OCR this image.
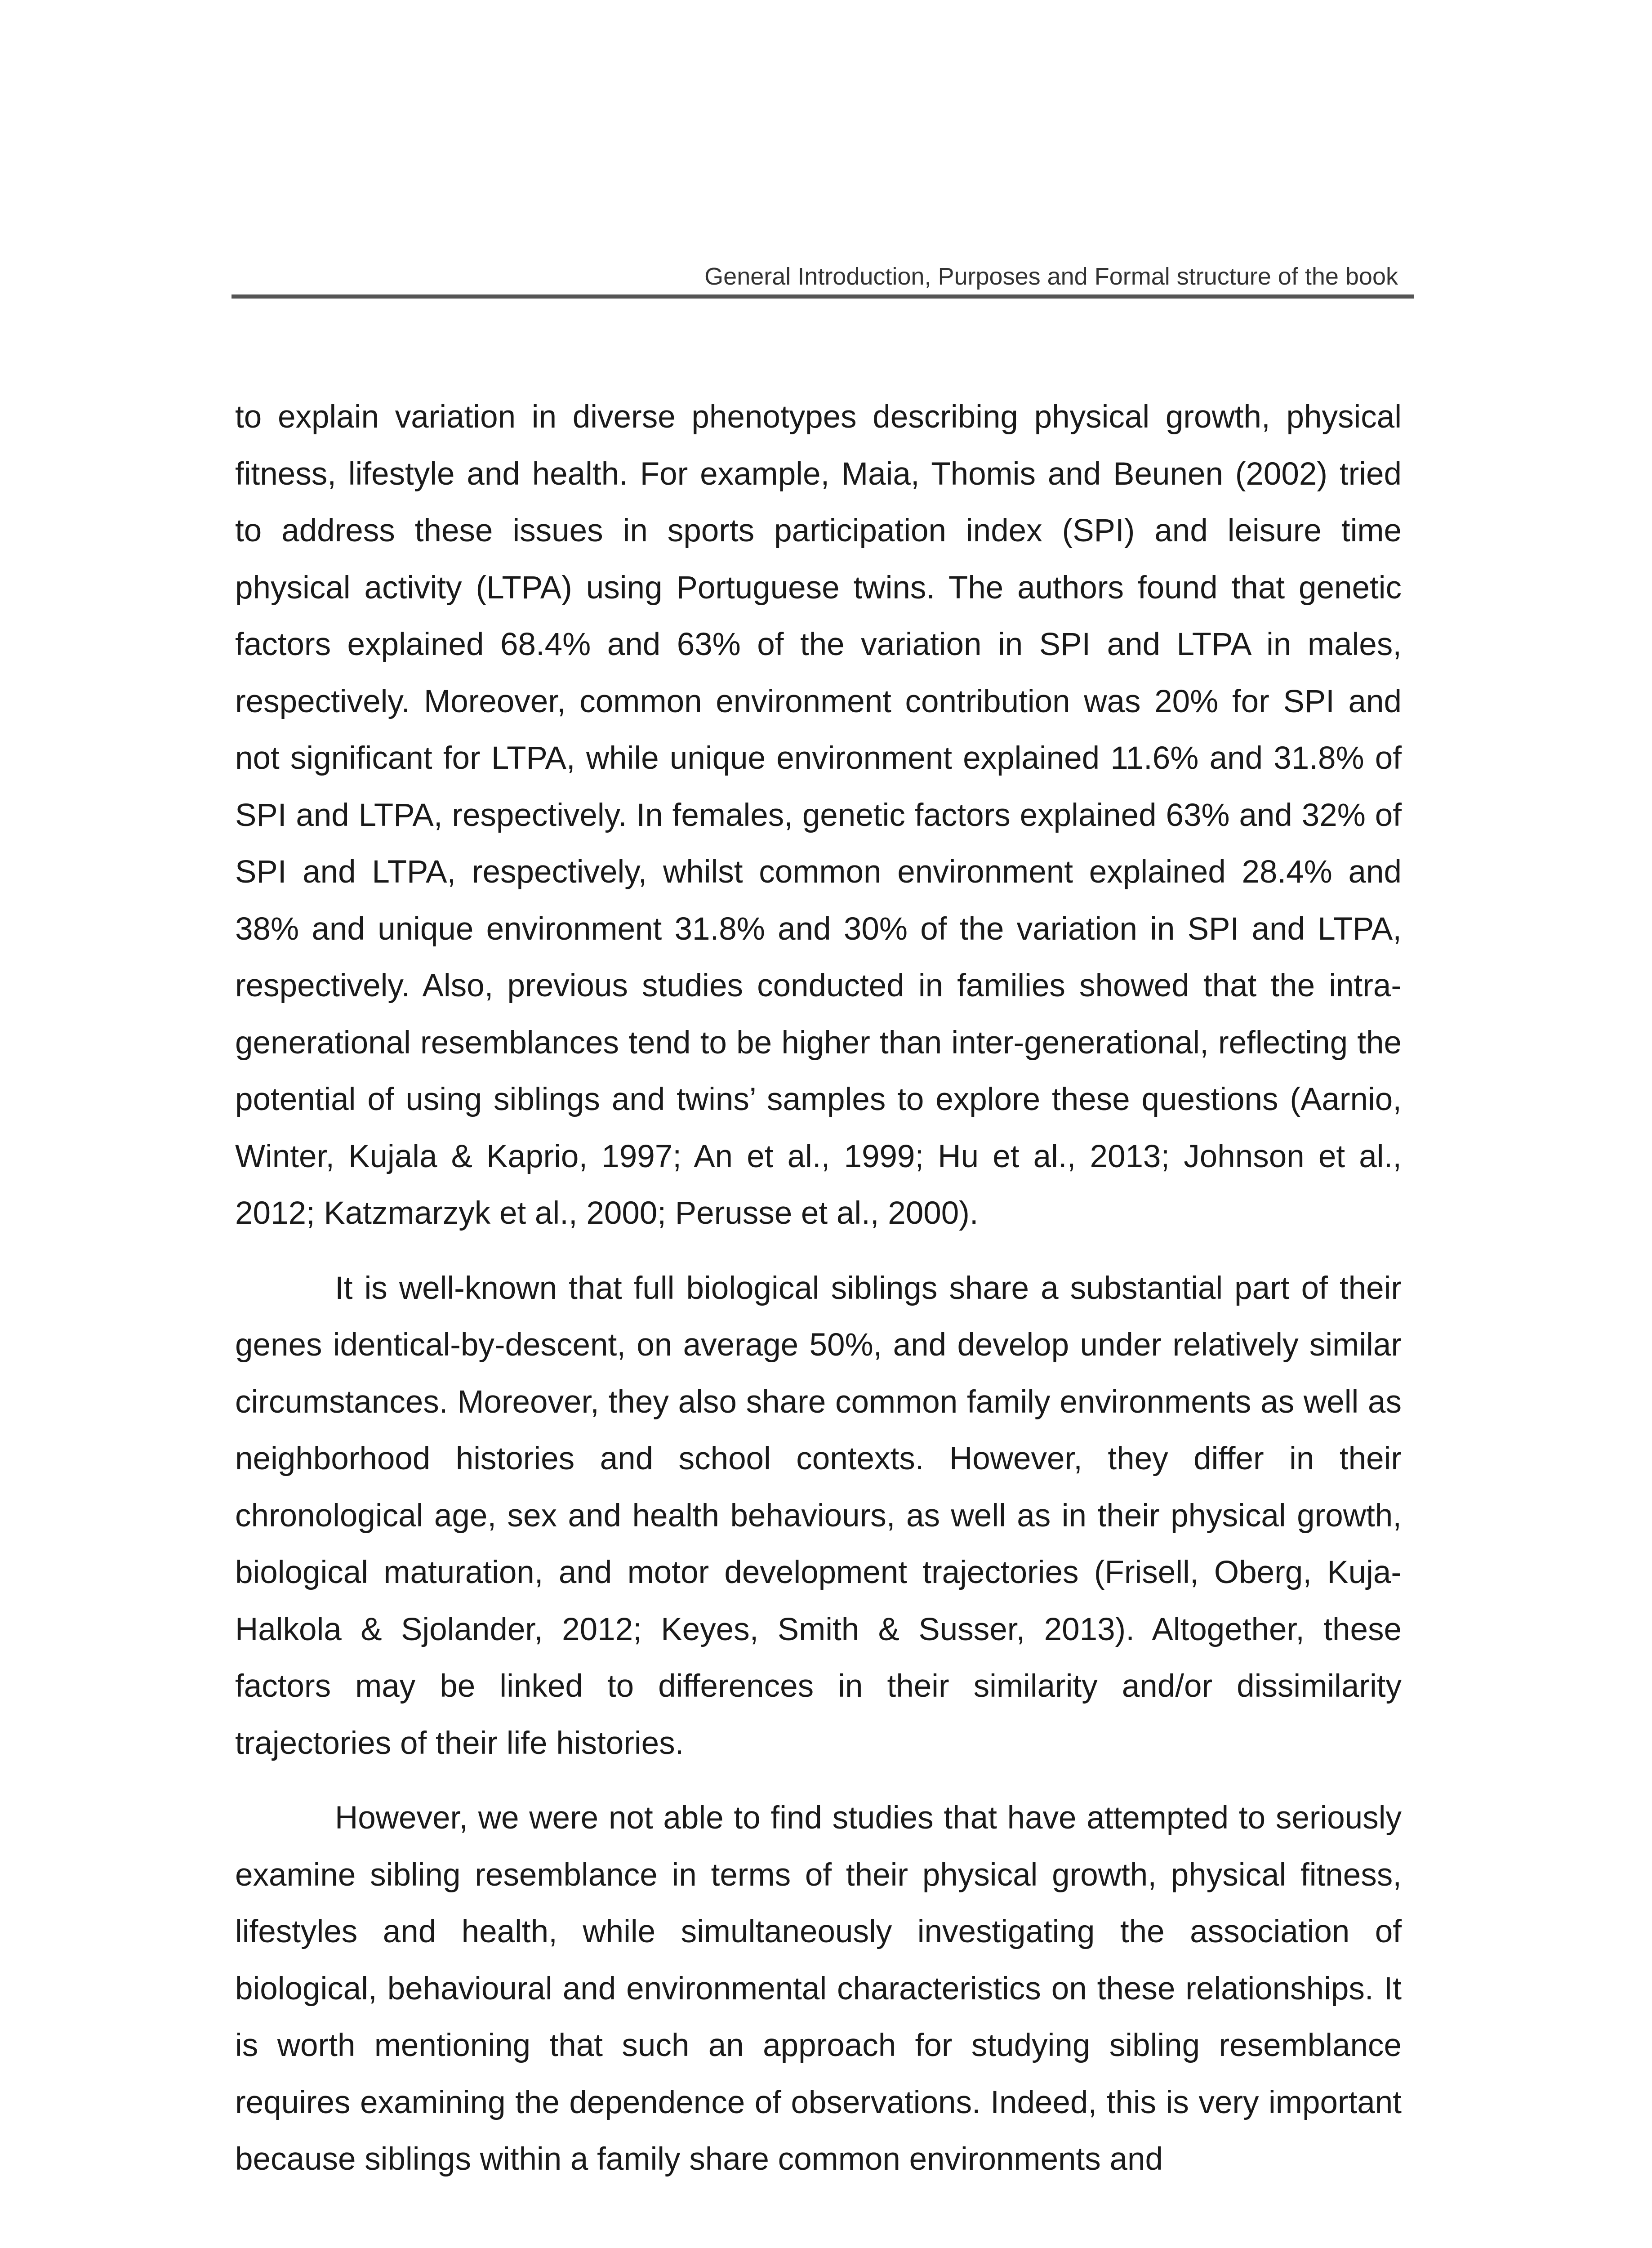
General Introduction, Purposes and Formal structure of the book

to explain variation in diverse phenotypes describing physical growth, physical fitness, lifestyle and health. For example, Maia, Thomis and Beunen (2002) tried to address these issues in sports participation index (SPI) and leisure time physical activity (LTPA) using Portuguese twins. The authors found that genetic factors explained 68.4% and 63% of the variation in SPI and LTPA in males, respectively. Moreover, common environment contribution was 20% for SPI and not significant for LTPA, while unique environment explained 11.6% and 31.8% of SPI and LTPA, respectively. In females, genetic factors explained 63% and 32% of SPI and LTPA, respectively, whilst common environment explained 28.4% and 38% and unique environment 31.8% and 30% of the variation in SPI and LTPA, respectively. Also, previous studies conducted in families showed that the intra-generational resemblances tend to be higher than inter-generational, reflecting the potential of using siblings and twins’ samples to explore these questions (Aarnio, Winter, Kujala & Kaprio, 1997; An et al., 1999; Hu et al., 2013; Johnson et al., 2012; Katzmarzyk et al., 2000; Perusse et al., 2000).

It is well-known that full biological siblings share a substantial part of their genes identical-by-descent, on average 50%, and develop under relatively similar circumstances. Moreover, they also share common family environments as well as neighborhood histories and school contexts. However, they differ in their chronological age, sex and health behaviours, as well as in their physical growth, biological maturation, and motor development trajectories (Frisell, Oberg, Kuja-Halkola & Sjolander, 2012; Keyes, Smith & Susser, 2013). Altogether, these factors may be linked to differences in their similarity and/or dissimilarity trajectories of their life histories.

However, we were not able to find studies that have attempted to seriously examine sibling resemblance in terms of their physical growth, physical fitness, lifestyles and health, while simultaneously investigating the association of biological, behavioural and environmental characteristics on these relationships. It is worth mentioning that such an approach for studying sibling resemblance requires examining the dependence of observations. Indeed, this is very important because siblings within a family share common environments and
